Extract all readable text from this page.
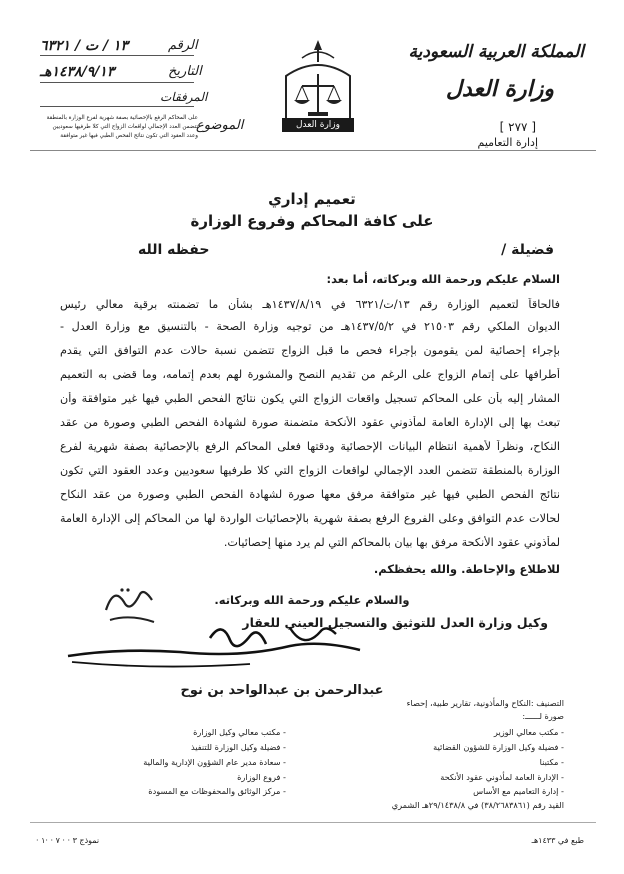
المملكة العربية السعودية
وزارة العدل
[ ٢٧٧ ]
إدارة التعاميم
وزارة العدل
الرقم
١٣ / ت / ٦٣٢١
التاريخ
١٤٣٨/٩/١٣هـ
المرفقات
الموضوع
على المحاكم الرفع بالإحصائية بصفة شهرية لفرع الوزارة بالمنطقة
تتضمن العدد الإجمالي لواقعات الزواج التي كلا طرفيها سعوديين
وعدد العقود التي تكون نتائج الفحص الطبي فيها غير متوافقة
تعميم إداري
على كافة المحاكم وفروع الوزارة
فضيلة /
حفظه الله
السلام عليكم ورحمة الله وبركاته، أما بعد:
فالحاقاً لتعميم الوزارة رقم ١٣/ت/٦٣٢١ في ١٤٣٧/٨/١٩هـ بشأن ما تضمنته برقية معالي رئيس
الديوان الملكي رقم ٢١٥٠٣ في ١٤٣٧/٥/٢هـ من توجيه وزارة الصحة - بالتنسيق مع وزارة العدل -
بإجراء إحصائية لمن يقومون بإجراء فحص ما قبل الزواج تتضمن نسبة حالات عدم التوافق التي يقدم
أطرافها على إتمام الزواج على الرغم من تقديم النصح والمشورة لهم بعدم إتمامه، وما قضى به التعميم
المشار إليه بأن على المحاكم تسجيل واقعات الزواج التي يكون نتائج الفحص الطبي فيها غير متوافقة وأن
تبعث بها إلى الإدارة العامة لمأذوني عقود الأنكحة متضمنة صورة لشهادة الفحص الطبي وصورة من عقد
النكاح، ونظراً لأهمية انتظام البيانات الإحصائية ودقتها فعلى المحاكم الرفع بالإحصائية بصفة شهرية لفرع
الوزارة بالمنطقة تتضمن العدد الإجمالي لواقعات الزواج التي كلا طرفيها سعوديين وعدد العقود التي تكون
نتائج الفحص الطبي فيها غير متوافقة مرفق معها صورة لشهادة الفحص الطبي وصورة من عقد النكاح
لحالات عدم التوافق وعلى الفروع الرفع بصفة شهرية بالإحصائيات الواردة لها من المحاكم إلى الإدارة العامة
لمأذوني عقود الأنكحة مرفق بها بيان بالمحاكم التي لم يرد منها إحصائيات.
للاطلاع والإحاطة. والله يحفظكم.
والسلام عليكم ورحمة الله وبركاته.
وكيل وزارة العدل للتوثيق والتسجيل العيني للعقار
عبدالرحمن بن عبدالواحد بن نوح
التصنيف :النكاح والمأذونية، تقارير طبية، إحصاء
صورة لــــــ:
- مكتب معالي الوزير
- فضيلة وكيل الوزارة للشؤون القضائية
- مكتبنا
- الإدارة العامة لمأذوني عقود الأنكحة
- إدارة التعاميم مع الأساس
- مكتب معالي وكيل الوزارة
- فضيلة وكيل الوزارة للتنفيذ
- سعادة مدير عام الشؤون الإدارية والمالية
- فروع الوزارة
- مركز الوثائق والمحفوظات مع المسودة
القيد رقم (٣٨/٢٦٨٣٨٦١) في ٢٩/١٤٣٨/٨هـ الشمري
نموذج ٣ · · ٧ · ·١ ·	طبع في ١٤٣٣هـ
